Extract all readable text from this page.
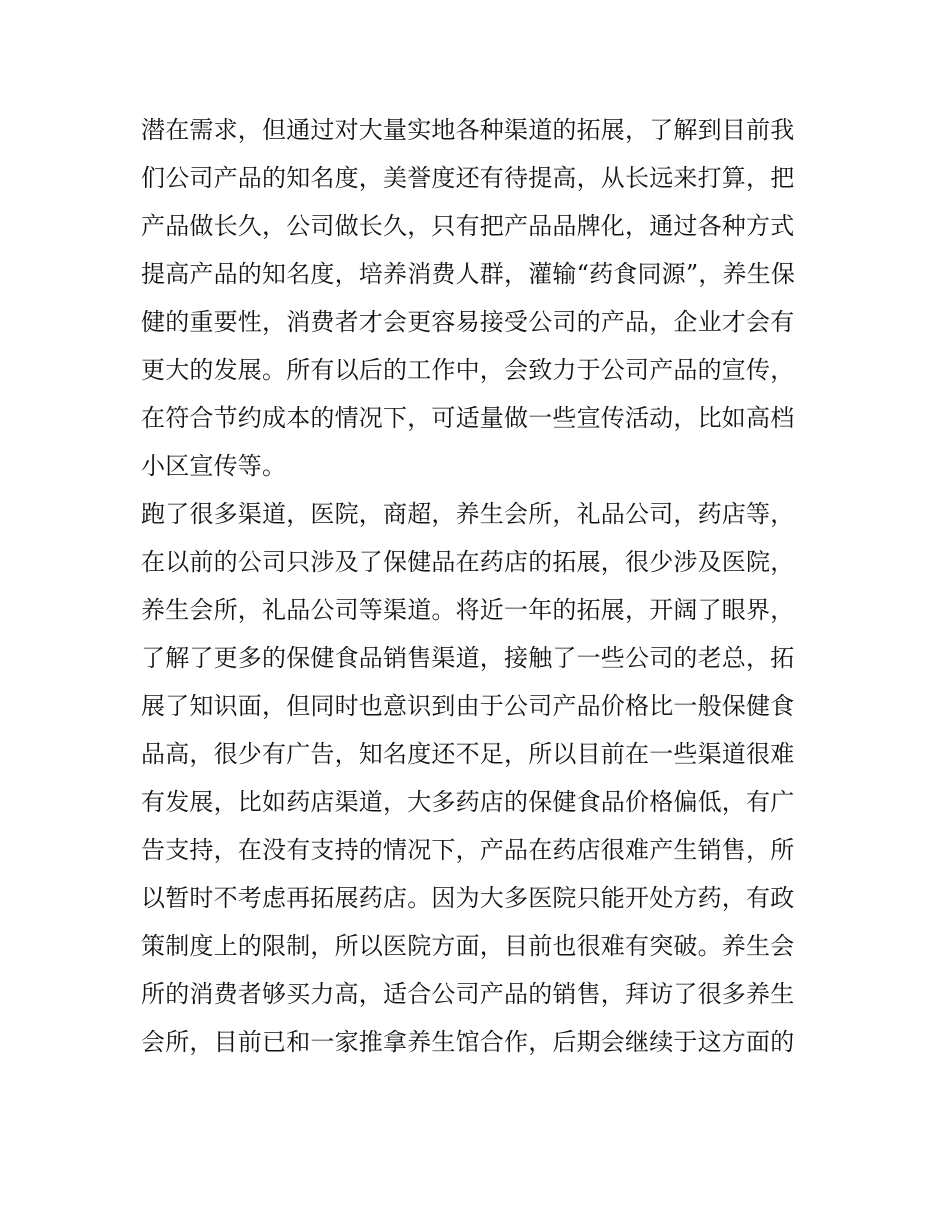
潜在需求，但通过对大量实地各种渠道的拓展，了解到目前我
们公司产品的知名度，美誉度还有待提高，从长远来打算，把
产品做长久，公司做长久，只有把产品品牌化，通过各种方式
提高产品的知名度，培养消费人群，灌输“药食同源”，养生保
健的重要性，消费者才会更容易接受公司的产品，企业才会有
更大的发展。所有以后的工作中，会致力于公司产品的宣传，
在符合节约成本的情况下，可适量做一些宣传活动，比如高档
小区宣传等。
跑了很多渠道，医院，商超，养生会所，礼品公司，药店等，
在以前的公司只涉及了保健品在药店的拓展，很少涉及医院，
养生会所，礼品公司等渠道。将近一年的拓展，开阔了眼界，
了解了更多的保健食品销售渠道，接触了一些公司的老总，拓
展了知识面，但同时也意识到由于公司产品价格比一般保健食
品高，很少有广告，知名度还不足，所以目前在一些渠道很难
有发展，比如药店渠道，大多药店的保健食品价格偏低，有广
告支持，在没有支持的情况下，产品在药店很难产生销售，所
以暂时不考虑再拓展药店。因为大多医院只能开处方药，有政
策制度上的限制，所以医院方面，目前也很难有突破。养生会
所的消费者够买力高，适合公司产品的销售，拜访了很多养生
会所，目前已和一家推拿养生馆合作，后期会继续于这方面的
